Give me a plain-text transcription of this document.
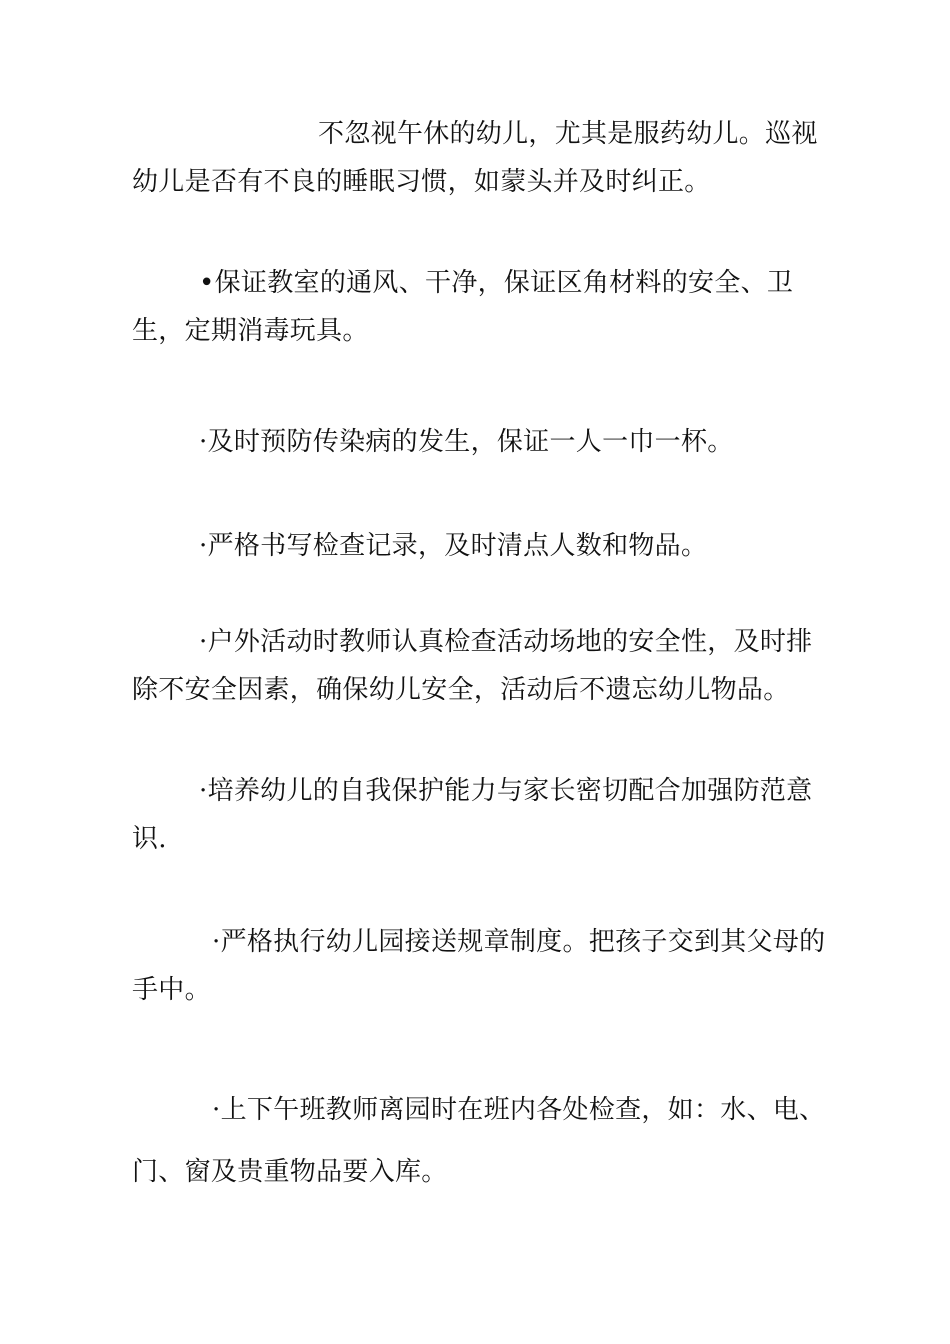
不忽视午休的幼儿，尤其是服药幼儿。巡视幼儿是否有不良的睡眠习惯，如蒙头并及时纠正。

•保证教室的通风、干净，保证区角材料的安全、卫生，定期消毒玩具。

·及时预防传染病的发生，保证一人一巾一杯。

·严格书写检查记录，及时清点人数和物品。

·户外活动时教师认真检查活动场地的安全性，及时排除不安全因素，确保幼儿安全，活动后不遗忘幼儿物品。

·培养幼儿的自我保护能力与家长密切配合加强防范意识.

·严格执行幼儿园接送规章制度。把孩子交到其父母的手中。

·上下午班教师离园时在班内各处检查，如：水、电、门、窗及贵重物品要入库。
